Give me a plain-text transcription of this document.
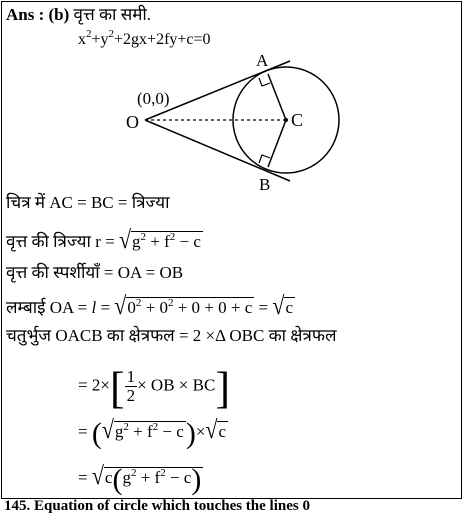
Ans : (b) वृत्त का समी.
$x^2+y^2+2gx+2fy+c=0$
O
(0,0)
A
B
C
चित्र में AC = BC = त्रिज्या
वृत्त की त्रिज्या $r = √g^2 + f^2 - c$
वृत्त की स्पर्शीयाँ = OA = OB
लम्बाई OA = $l = √0^2 + 0^2 + 0 + 0 + c = √c$
चतुर्भुज OACB का क्षेत्रफल = 2 ×Δ OBC का क्षेत्रफल
= $2\times[ \frac{1}{2}$ × OB × BC]
= $(√g^2 + f^2 - c)\times√c$
= $√c(g^2 + f^2 - c)$
145. Equation of circle which touches the lines 0
